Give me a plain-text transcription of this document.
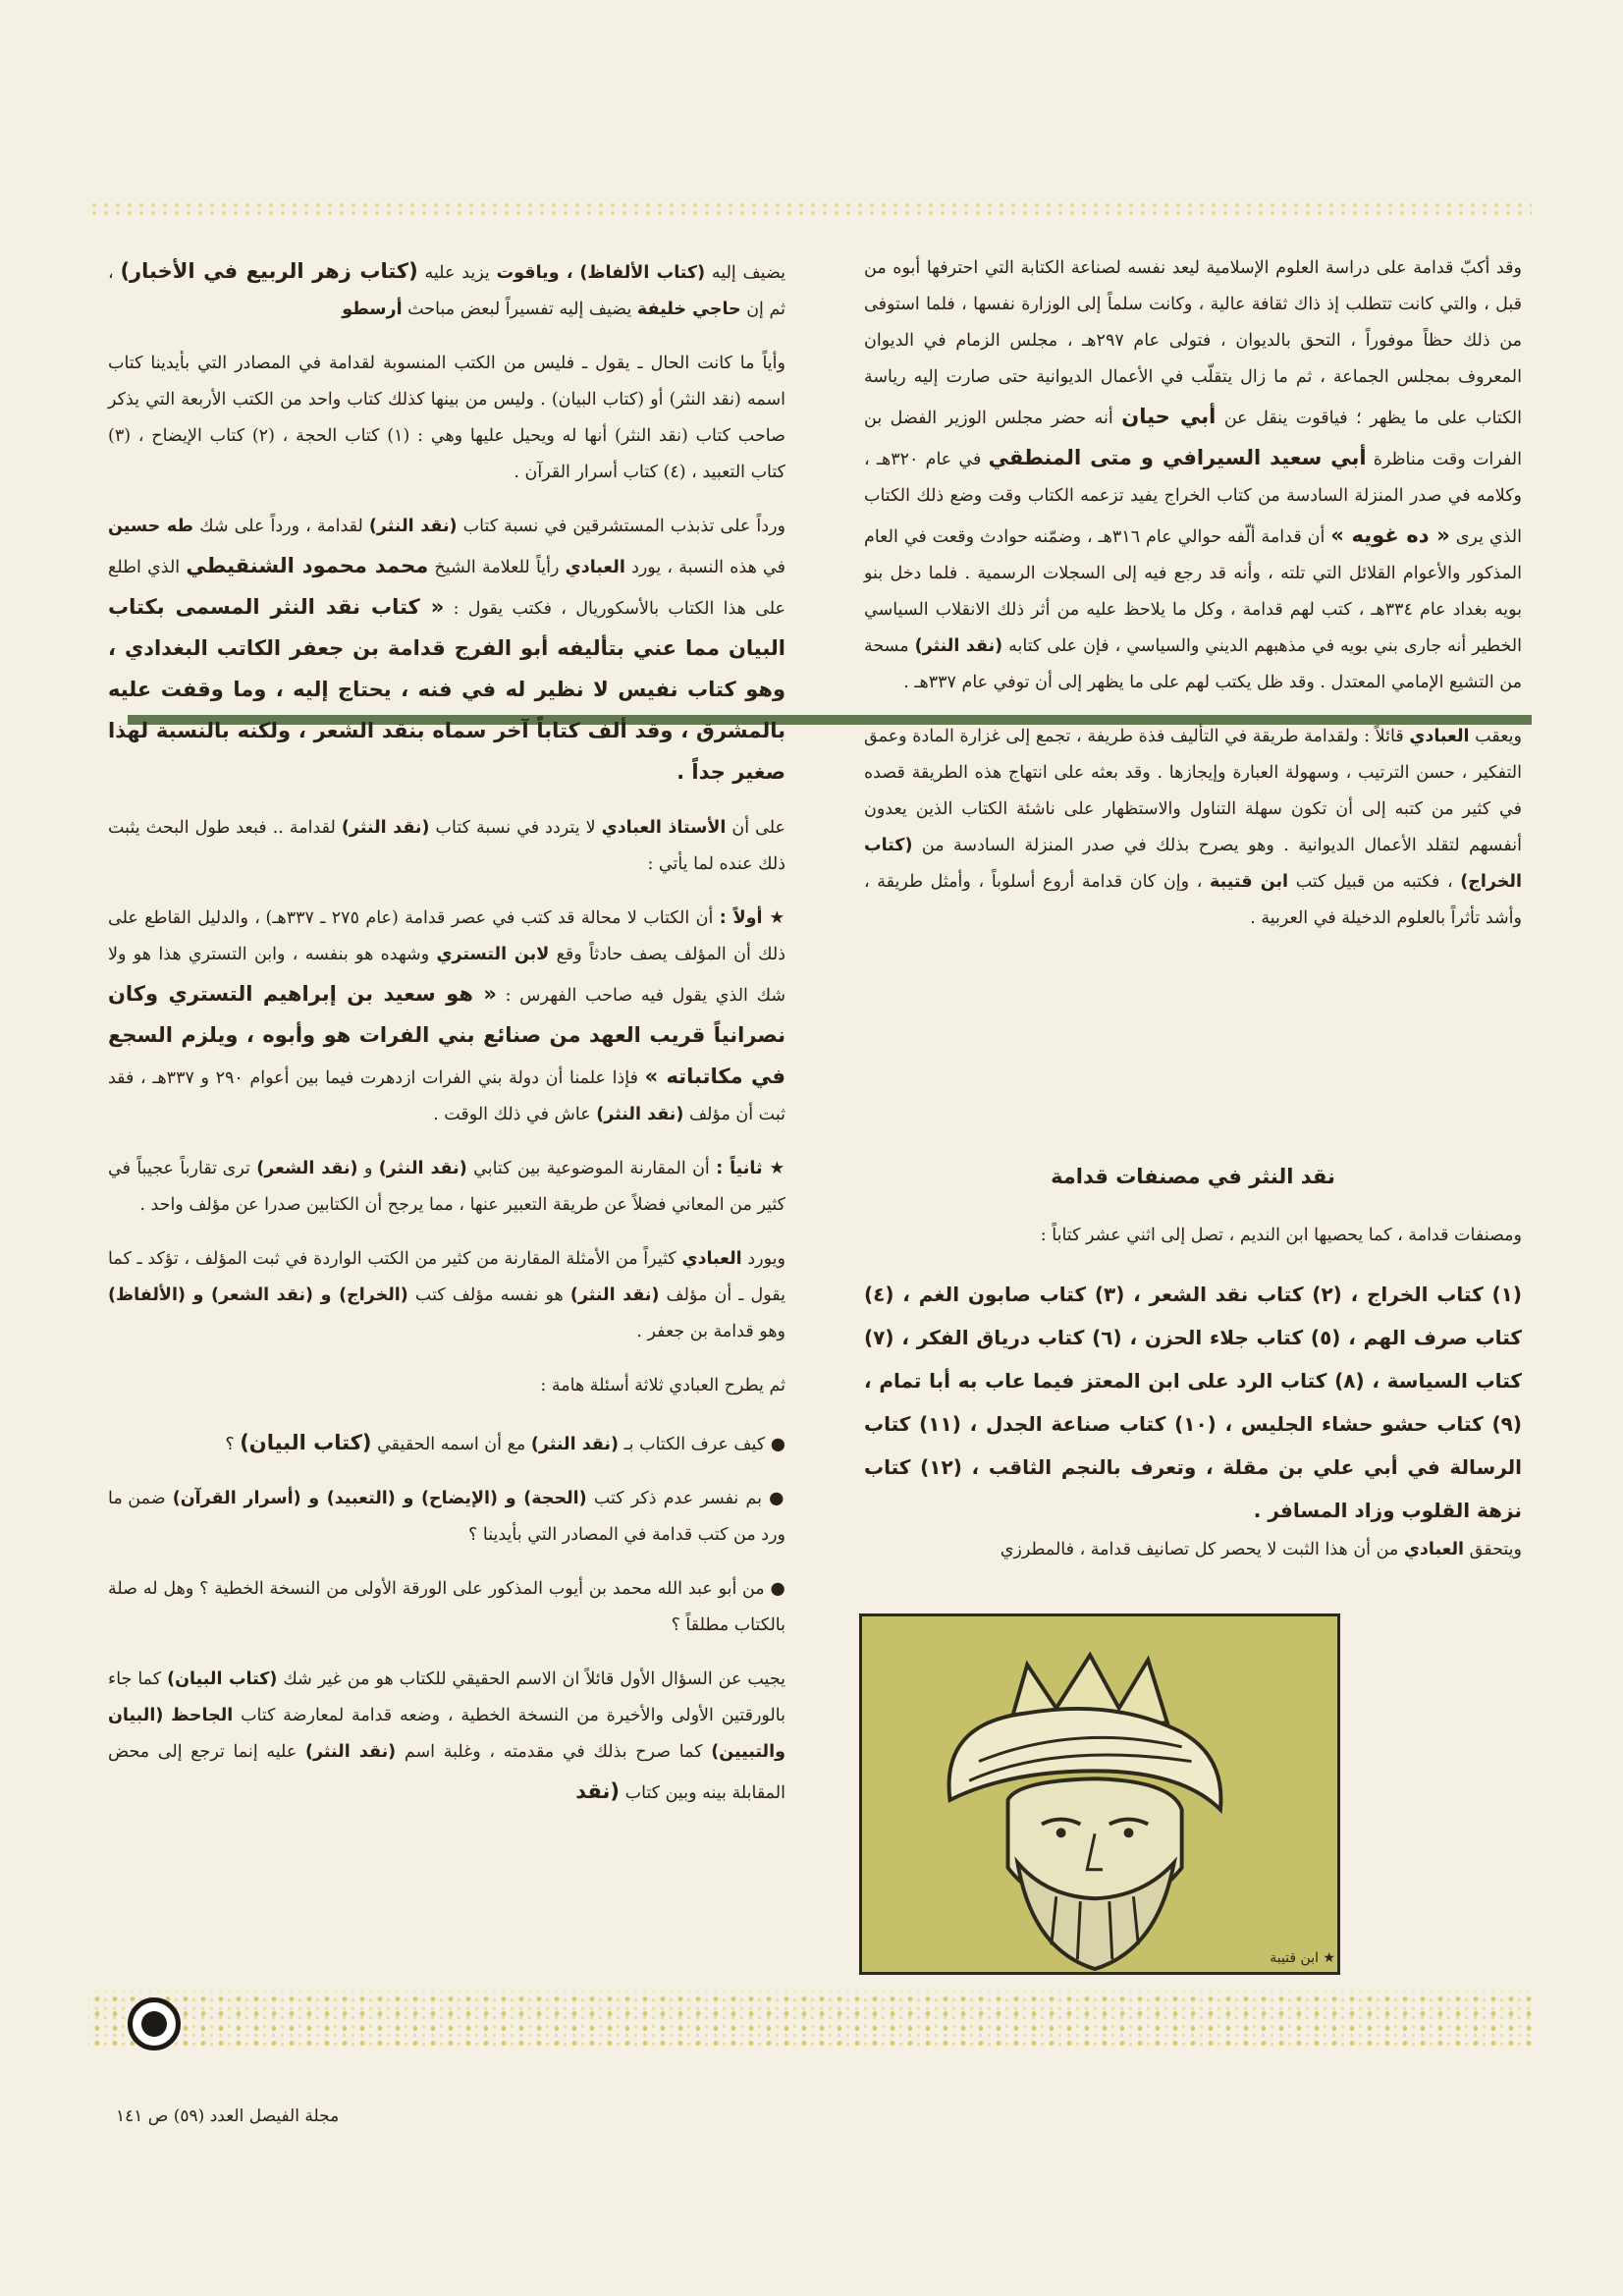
وقد أكبّ قدامة على دراسة العلوم الإسلامية ليعد نفسه لصناعة الكتابة التي احترفها أبوه من قبل ، والتي كانت تتطلب إذ ذاك ثقافة عالية ، وكانت سلماً إلى الوزارة نفسها ، فلما استوفى من ذلك حظاً موفوراً ، التحق بالديوان ، فتولى عام ٢٩٧هـ ، مجلس الزمام في الديوان المعروف بمجلس الجماعة ، ثم ما زال يتقلّب في الأعمال الديوانية حتى صارت إليه رياسة الكتاب على ما يظهر ؛ فياقوت ينقل عن أبي حيان أنه حضر مجلس الوزير الفضل بن الفرات وقت مناظرة أبي سعيد السيرافي و متى المنطقي في عام ٣٢٠هـ ، وكلامه في صدر المنزلة السادسة من كتاب الخراج يفيد تزعمه الكتاب وقت وضع ذلك الكتاب الذي يرى « ده غويه » أن قدامة ألّفه حوالي عام ٣١٦هـ ، وضمّنه حوادث وقعت في العام المذكور والأعوام القلائل التي تلته ، وأنه قد رجع فيه إلى السجلات الرسمية . فلما دخل بنو بويه بغداد عام ٣٣٤هـ ، كتب لهم قدامة ، وكل ما يلاحظ عليه من أثر ذلك الانقلاب السياسي الخطير أنه جارى بني بويه في مذهبهم الديني والسياسي ، فإن على كتابه (نقد النثر) مسحة من التشيع الإمامي المعتدل . وقد ظل يكتب لهم على ما يظهر إلى أن توفي عام ٣٣٧هـ .

ويعقب العبادي قائلاً : ولقدامة طريقة في التأليف فذة طريفة ، تجمع إلى غزارة المادة وعمق التفكير ، حسن الترتيب ، وسهولة العبارة وإيجازها . وقد بعثه على انتهاج هذه الطريقة قصده في كثير من كتبه إلى أن تكون سهلة التناول والاستظهار على ناشئة الكتاب الذين يعدون أنفسهم لتقلد الأعمال الديوانية . وهو يصرح بذلك في صدر المنزلة السادسة من (كتاب الخراج) ، فكتبه من قبيل كتب ابن قتيبة ، وإن كان قدامة أروع أسلوباً ، وأمثل طريقة ، وأشد تأثراً بالعلوم الدخيلة في العربية .

نقد النثر في مصنفات قدامة
ومصنفات قدامة ، كما يحصيها ابن النديم ، تصل إلى اثني عشر كتاباً :
(١) كتاب الخراج ، (٢) كتاب نقد الشعر ، (٣) كتاب صابون الغم ، (٤) كتاب صرف الهم ، (٥) كتاب جلاء الحزن ، (٦) كتاب درياق الفكر ، (٧) كتاب السياسة ، (٨) كتاب الرد على ابن المعتز فيما عاب به أبا تمام ، (٩) كتاب حشو حشاء الجليس ، (١٠) كتاب صناعة الجدل ، (١١) كتاب الرسالة في أبي علي بن مقلة ، وتعرف بالنجم الثاقب ، (١٢) كتاب نزهة القلوب وزاد المسافر .
ويتحقق العبادي من أن هذا الثبت لا يحصر كل تصانيف قدامة ، فالمطرزي
★ ابن قتيبة

يضيف إليه (كتاب الألفاظ) ، وياقوت يزيد عليه (كتاب زهر الربيع في الأخبار) ، ثم إن حاجي خليفة يضيف إليه تفسيراً لبعض مباحث أرسطو

وأياً ما كانت الحال ـ يقول ـ فليس من الكتب المنسوبة لقدامة في المصادر التي بأيدينا كتاب اسمه (نقد النثر) أو (كتاب البيان) . وليس من بينها كذلك كتاب واحد من الكتب الأربعة التي يذكر صاحب كتاب (نقد النثر) أنها له ويحيل عليها وهي : (١) كتاب الحجة ، (٢) كتاب الإيضاح ، (٣) كتاب التعبيد ، (٤) كتاب أسرار القرآن .

ورداً على تذبذب المستشرقين في نسبة كتاب (نقد النثر) لقدامة ، ورداً على شك طه حسين في هذه النسبة ، يورد العبادي رأياً للعلامة الشيخ محمد محمود الشنقيطي الذي اطلع على هذا الكتاب بالأسكوريال ، فكتب يقول : « كتاب نقد النثر المسمى بكتاب البيان مما عني بتأليفه أبو الفرج قدامة بن جعفر الكاتب البغدادي ، وهو كتاب نفيس لا نظير له في فنه ، يحتاج إليه ، وما وقفت عليه بالمشرق ، وقد ألف كتاباً آخر سماه بنقد الشعر ، ولكنه بالنسبة لهذا صغير جداً .

على أن الأستاذ العبادي لا يتردد في نسبة كتاب (نقد النثر) لقدامة .. فبعد طول البحث يثبت ذلك عنده لما يأتي :

★ أولاً : أن الكتاب لا محالة قد كتب في عصر قدامة (عام ٢٧٥ ـ ٣٣٧هـ) ، والدليل القاطع على ذلك أن المؤلف يصف حادثاً وقع لابن التستري وشهده هو بنفسه ، وابن التستري هذا هو ولا شك الذي يقول فيه صاحب الفهرس : « هو سعيد بن إبراهيم التستري وكان نصرانياً قريب العهد من صنائع بني الفرات هو وأبوه ، ويلزم السجع في مكاتباته » فإذا علمنا أن دولة بني الفرات ازدهرت فيما بين أعوام ٢٩٠ و ٣٣٧هـ ، فقد ثبت أن مؤلف (نقد النثر) عاش في ذلك الوقت .

★ ثانياً : أن المقارنة الموضوعية بين كتابي (نقد النثر) و (نقد الشعر) ترى تقارباً عجيباً في كثير من المعاني فضلاً عن طريقة التعبير عنها ، مما يرجح أن الكتابين صدرا عن مؤلف واحد .

ويورد العبادي كثيراً من الأمثلة المقارنة من كثير من الكتب الواردة في ثبت المؤلف ، تؤكد ـ كما يقول ـ أن مؤلف (نقد النثر) هو نفسه مؤلف كتب (الخراج) و (نقد الشعر) و (الألفاظ) وهو قدامة بن جعفر .

ثم يطرح العبادي ثلاثة أسئلة هامة :

● كيف عرف الكتاب بـ (نقد النثر) مع أن اسمه الحقيقي (كتاب البيان) ؟

● بم نفسر عدم ذكر كتب (الحجة) و (الإيضاح) و (التعبيد) و (أسرار القرآن) ضمن ما ورد من كتب قدامة في المصادر التي بأيدينا ؟

● من أبو عبد الله محمد بن أيوب المذكور على الورقة الأولى من النسخة الخطية ؟ وهل له صلة بالكتاب مطلقاً ؟

يجيب عن السؤال الأول قائلاً ان الاسم الحقيقي للكتاب هو من غير شك (كتاب البيان) كما جاء بالورقتين الأولى والأخيرة من النسخة الخطية ، وضعه قدامة لمعارضة كتاب الجاحظ (البيان والتبيين) كما صرح بذلك في مقدمته ، وغلبة اسم (نقد النثر) عليه إنما ترجع إلى محض المقابلة بينه وبين كتاب (نقد

مجلة الفيصل العدد (٥٩) ص ١٤١
